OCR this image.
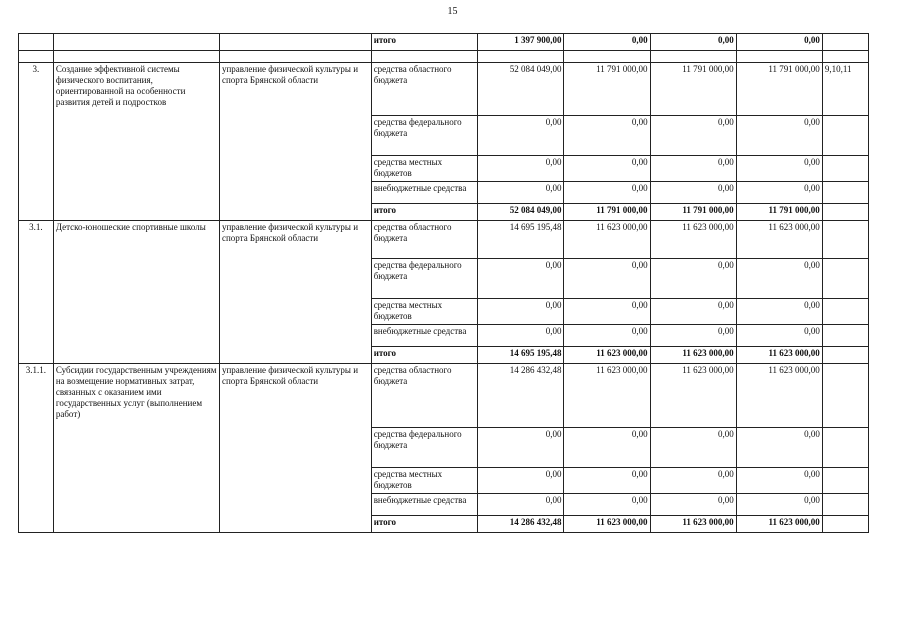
15
			итого	1 397 900,00	0,00	0,00	0,00	

3.	Создание эффективной системы физического воспитания, ориентированной на особенности развития детей и подростков	управление физической культуры и спорта Брянской области	средства областного бюджета	52 084 049,00	11 791 000,00	11 791 000,00	11 791 000,00	9,10,11
			средства федерального бюджета	0,00	0,00	0,00	0,00	
			средства местных бюджетов	0,00	0,00	0,00	0,00	
			внебюджетные средства	0,00	0,00	0,00	0,00	
			итого	52 084 049,00	11 791 000,00	11 791 000,00	11 791 000,00	
3.1.	Детско-юношеские спортивные школы	управление физической культуры и спорта Брянской области	средства областного бюджета	14 695 195,48	11 623 000,00	11 623 000,00	11 623 000,00	
			средства федерального бюджета	0,00	0,00	0,00	0,00	
			средства местных бюджетов	0,00	0,00	0,00	0,00	
			внебюджетные средства	0,00	0,00	0,00	0,00	
			итого	14 695 195,48	11 623 000,00	11 623 000,00	11 623 000,00	
3.1.1.	Субсидии государственным учреждениям на возмещение нормативных затрат, связанных с оказанием ими государственных услуг (выполнением работ)	управление физической культуры и спорта Брянской области	средства областного бюджета	14 286 432,48	11 623 000,00	11 623 000,00	11 623 000,00	
			средства федерального бюджета	0,00	0,00	0,00	0,00	
			средства местных бюджетов	0,00	0,00	0,00	0,00	
			внебюджетные средства	0,00	0,00	0,00	0,00	
			итого	14 286 432,48	11 623 000,00	11 623 000,00	11 623 000,00	
